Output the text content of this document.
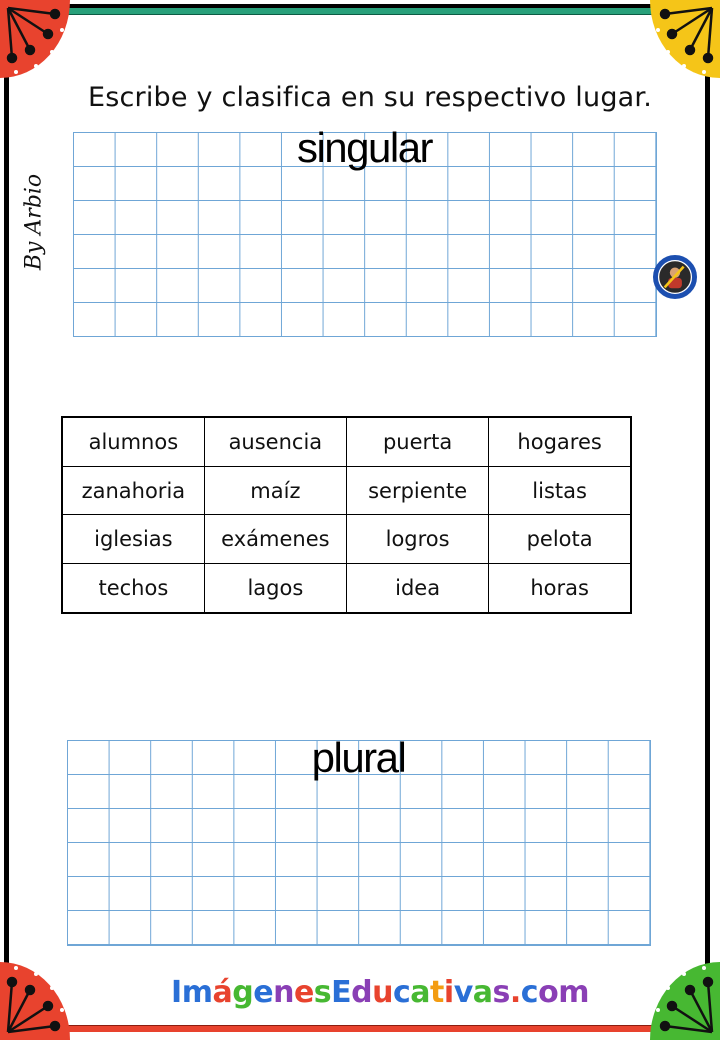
Escribe y clasifica en su respectivo lugar.
By Arbio
singular
alumnos	ausencia	puerta	hogares
zanahoria	maíz	serpiente	listas
iglesias	exámenes	logros	pelota
techos	lagos	idea	horas
plural
ImágenesEducativas.com
